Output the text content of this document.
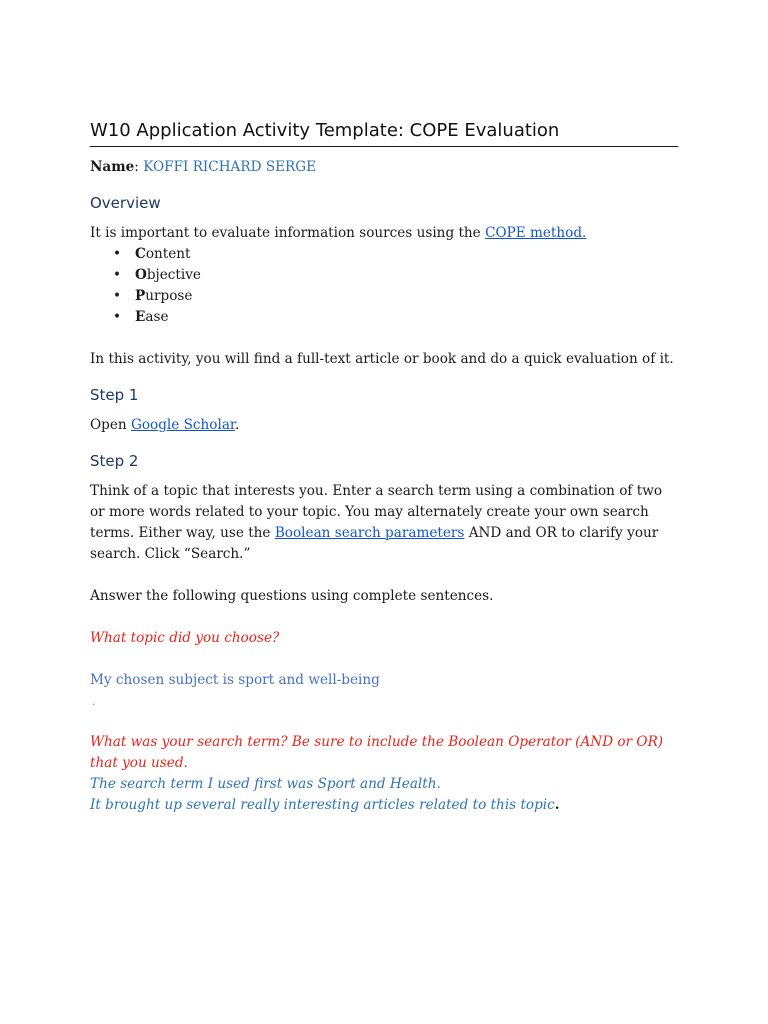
W10 Application Activity Template: COPE Evaluation

Name: KOFFI RICHARD SERGE

Overview

It is important to evaluate information sources using the COPE method.

• Content
• Objective
• Purpose
• Ease

In this activity, you will find a full-text article or book and do a quick evaluation of it.

Step 1

Open Google Scholar.

Step 2

Think of a topic that interests you. Enter a search term using a combination of two or more words related to your topic. You may alternately create your own search terms. Either way, use the Boolean search parameters AND and OR to clarify your search. Click “Search.”

Answer the following questions using complete sentences.

What topic did you choose?

My chosen subject is sport and well-being

.

What was your search term? Be sure to include the Boolean Operator (AND or OR) that you used.

The search term I used first was Sport and Health.

It brought up several really interesting articles related to this topic.
